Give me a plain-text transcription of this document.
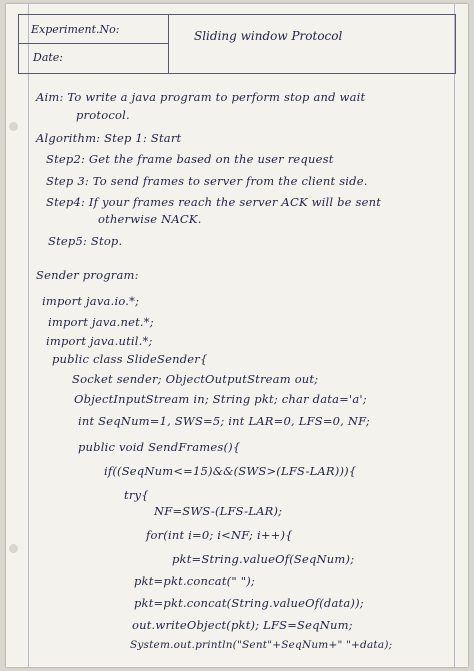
Experiment.No:
Date:
Sliding window Protocol
Aim: To write a java program to perform stop and wait
protocol.
Algorithm: Step 1: Start
Step2: Get the frame based on the user request
Step 3: To send frames to server from the client side.
Step4: If your frames reach the server ACK will be sent
otherwise NACK.
Step5: Stop.
Sender program:
import java.io.*;
import java.net.*;
import java.util.*;
public class SlideSender{
Socket sender; ObjectOutputStream out;
ObjectInputStream in; String pkt; char data='a';
int SeqNum=1, SWS=5; int LAR=0, LFS=0, NF;
public void SendFrames(){
if((SeqNum<=15)&&(SWS>(LFS-LAR))){
try{
NF=SWS-(LFS-LAR);
for(int i=0; i<NF; i++){
pkt=String.valueOf(SeqNum);
pkt=pkt.concat(" ");
pkt=pkt.concat(String.valueOf(data));
out.writeObject(pkt); LFS=SeqNum;
System.out.println("Sent"+SeqNum+" "+data);
